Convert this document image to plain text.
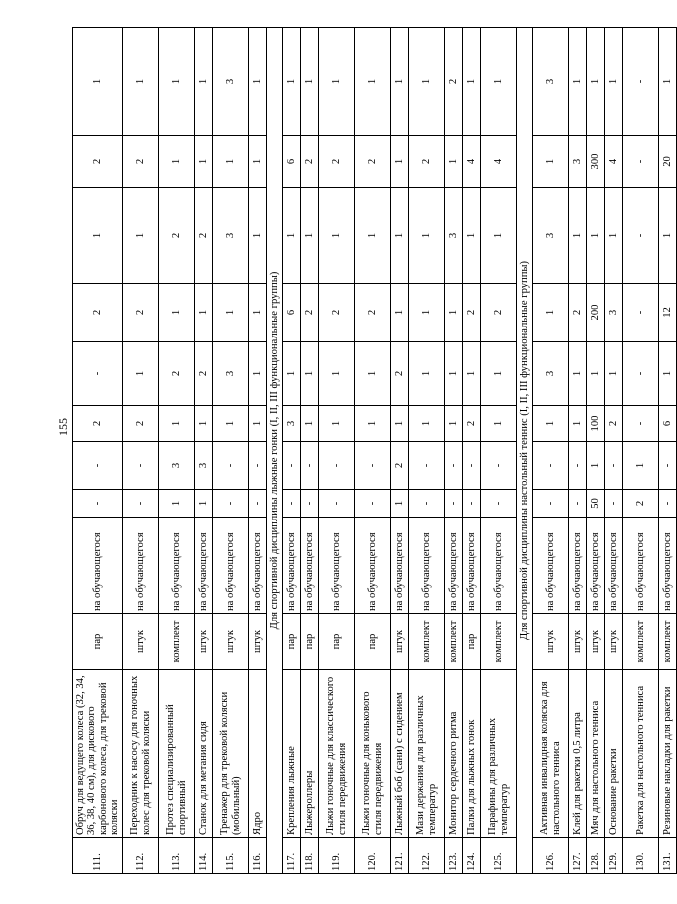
155
111.	Обруч для ведущего колеса (32, 34, 36, 38, 40 см), для дискового карбонового колеса, для трековой коляски	пар	на обучающегося	-	-	2	-	2	1	2	1
112.	Переходник к насосу для гоночных колес для трековой коляски	штук	на обучающегося	-	-	2	1	2	1	2	1
113.	Протез специализированный спортивный	комплект	на обучающегося	1	3	1	2	1	2	1	1
114.	Станок для метания сидя	штук	на обучающегося	1	3	1	2	1	2	1	1
115.	Тренажер для трековой коляски (мобильный)	штук	на обучающегося	-	-	1	3	1	3	1	3
116.	Ядро	штук	на обучающегося	-	-	1	1	1	1	1	1
Для спортивной дисциплины лыжные гонки (I, II, III функциональные группы)											
117.	Крепления лыжные	пар	на обучающегося	-	-	3	1	6	1	6	1
118.	Лыжероллеры	пар	на обучающегося	-	-	1	1	2	1	2	1
119.	Лыжи гоночные для классического стиля передвижения	пар	на обучающегося	-	-	1	1	2	1	2	1
120.	Лыжи гоночные для конькового стиля передвижения	пар	на обучающегося	-	-	1	1	2	1	2	1
121.	Лыжный боб (сани) с сидением	штук	на обучающегося	1	2	1	2	1	1	1	1
122.	Мази держания для различных температур	комплект	на обучающегося	-	-	1	1	1	1	2	1
123.	Монитор сердечного ритма	комплект	на обучающегося	-	-	1	1	1	3	1	2
124.	Палки для лыжных гонок	пар	на обучающегося	-	-	2	1	2	1	4	1
125.	Парафины для различных температур	комплект	на обучающегося	-	-	1	1	2	1	4	1
Для спортивной дисциплины настольный теннис (I, II, III функциональные группы)											
126.	Активная инвалидная коляска для настольного тенниса	штук	на обучающегося	-	-	1	3	1	3	1	3
127.	Клей для ракетки 0,5 литра	штук	на обучающегося	-	-	1	1	2	1	3	1
128.	Мяч для настольного тенниса	штук	на обучающегося	50	1	100	1	200	1	300	1
129.	Основание ракетки	штук	на обучающегося	-	-	2	1	3	1	4	1
130.	Ракетка для настольного тенниса	комплект	на обучающегося	2	1	-	-	-	-	-	-
131.	Резиновые накладки для ракетки	комплект	на обучающегося	-	-	6	1	12	1	20	1
